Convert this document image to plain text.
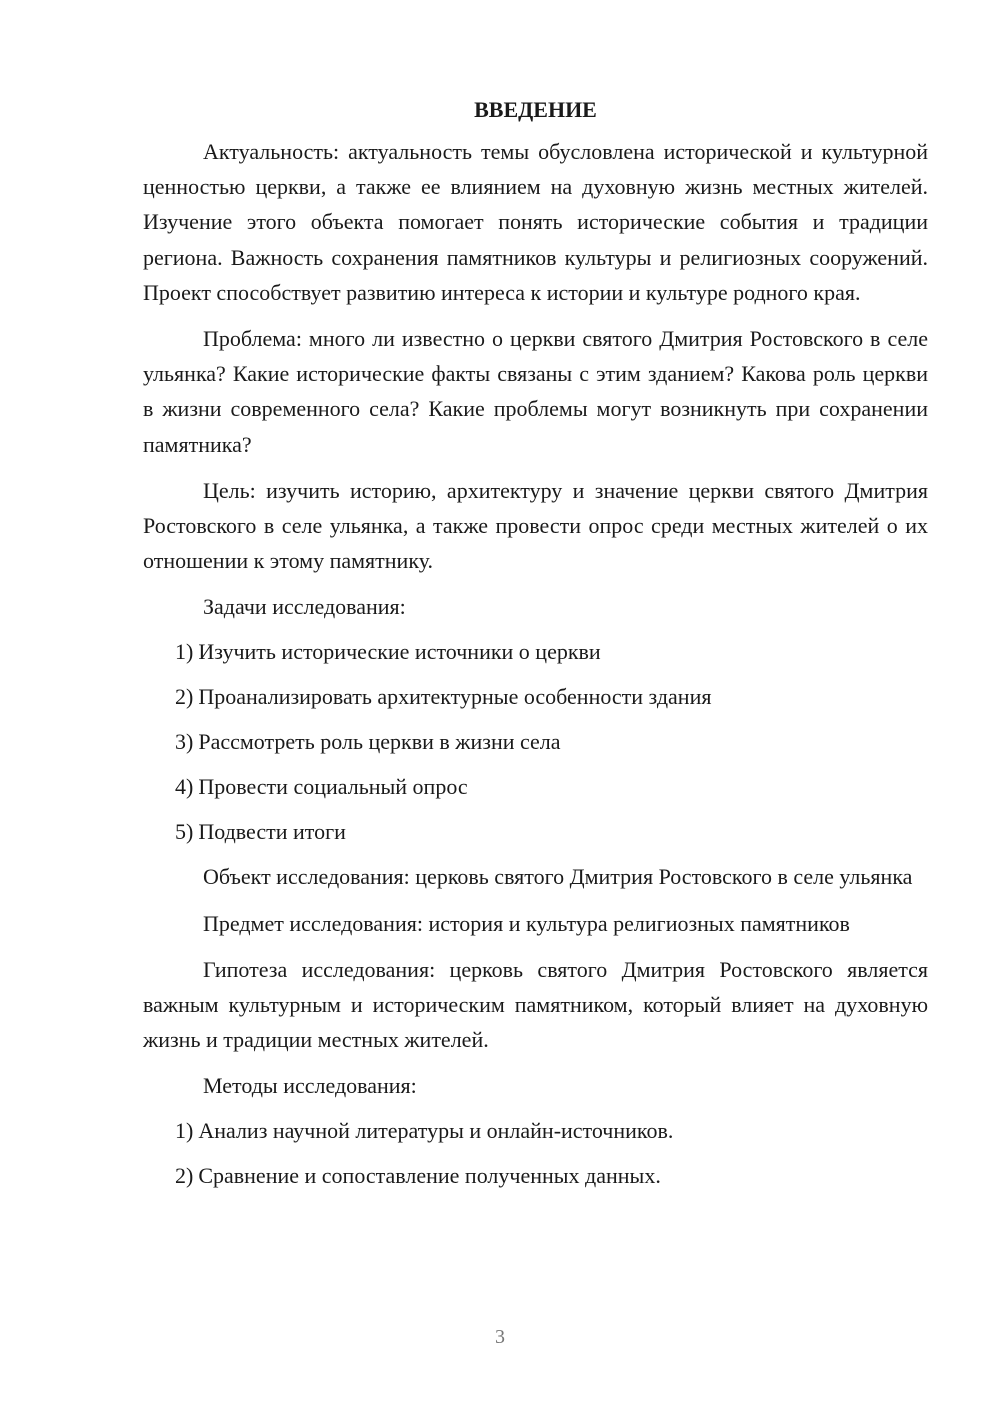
ВВЕДЕНИЕ

Актуальность: актуальность темы обусловлена исторической и культурной ценностью церкви, а также ее влиянием на духовную жизнь местных жителей. Изучение этого объекта помогает понять исторические события и традиции региона. Важность сохранения памятников культуры и религиозных сооружений. Проект способствует развитию интереса к истории и культуре родного края.

Проблема: много ли известно о церкви святого Дмитрия Ростовского в селе ульянка? Какие исторические факты связаны с этим зданием? Какова роль церкви в жизни современного села? Какие проблемы могут возникнуть при сохранении памятника?

Цель: изучить историю, архитектуру и значение церкви святого Дмитрия Ростовского в селе ульянка, а также провести опрос среди местных жителей о их отношении к этому памятнику.

Задачи исследования:
1) Изучить исторические источники о церкви
2) Проанализировать архитектурные особенности здания
3) Рассмотреть роль церкви в жизни села
4) Провести социальный опрос
5) Подвести итоги

Объект исследования: церковь святого Дмитрия Ростовского в селе ульянка

Предмет исследования: история и культура религиозных памятников

Гипотеза исследования: церковь святого Дмитрия Ростовского является важным культурным и историческим памятником, который влияет на духовную жизнь и традиции местных жителей.

Методы исследования:
1) Анализ научной литературы и онлайн-источников.
2) Сравнение и сопоставление полученных данных.
3
